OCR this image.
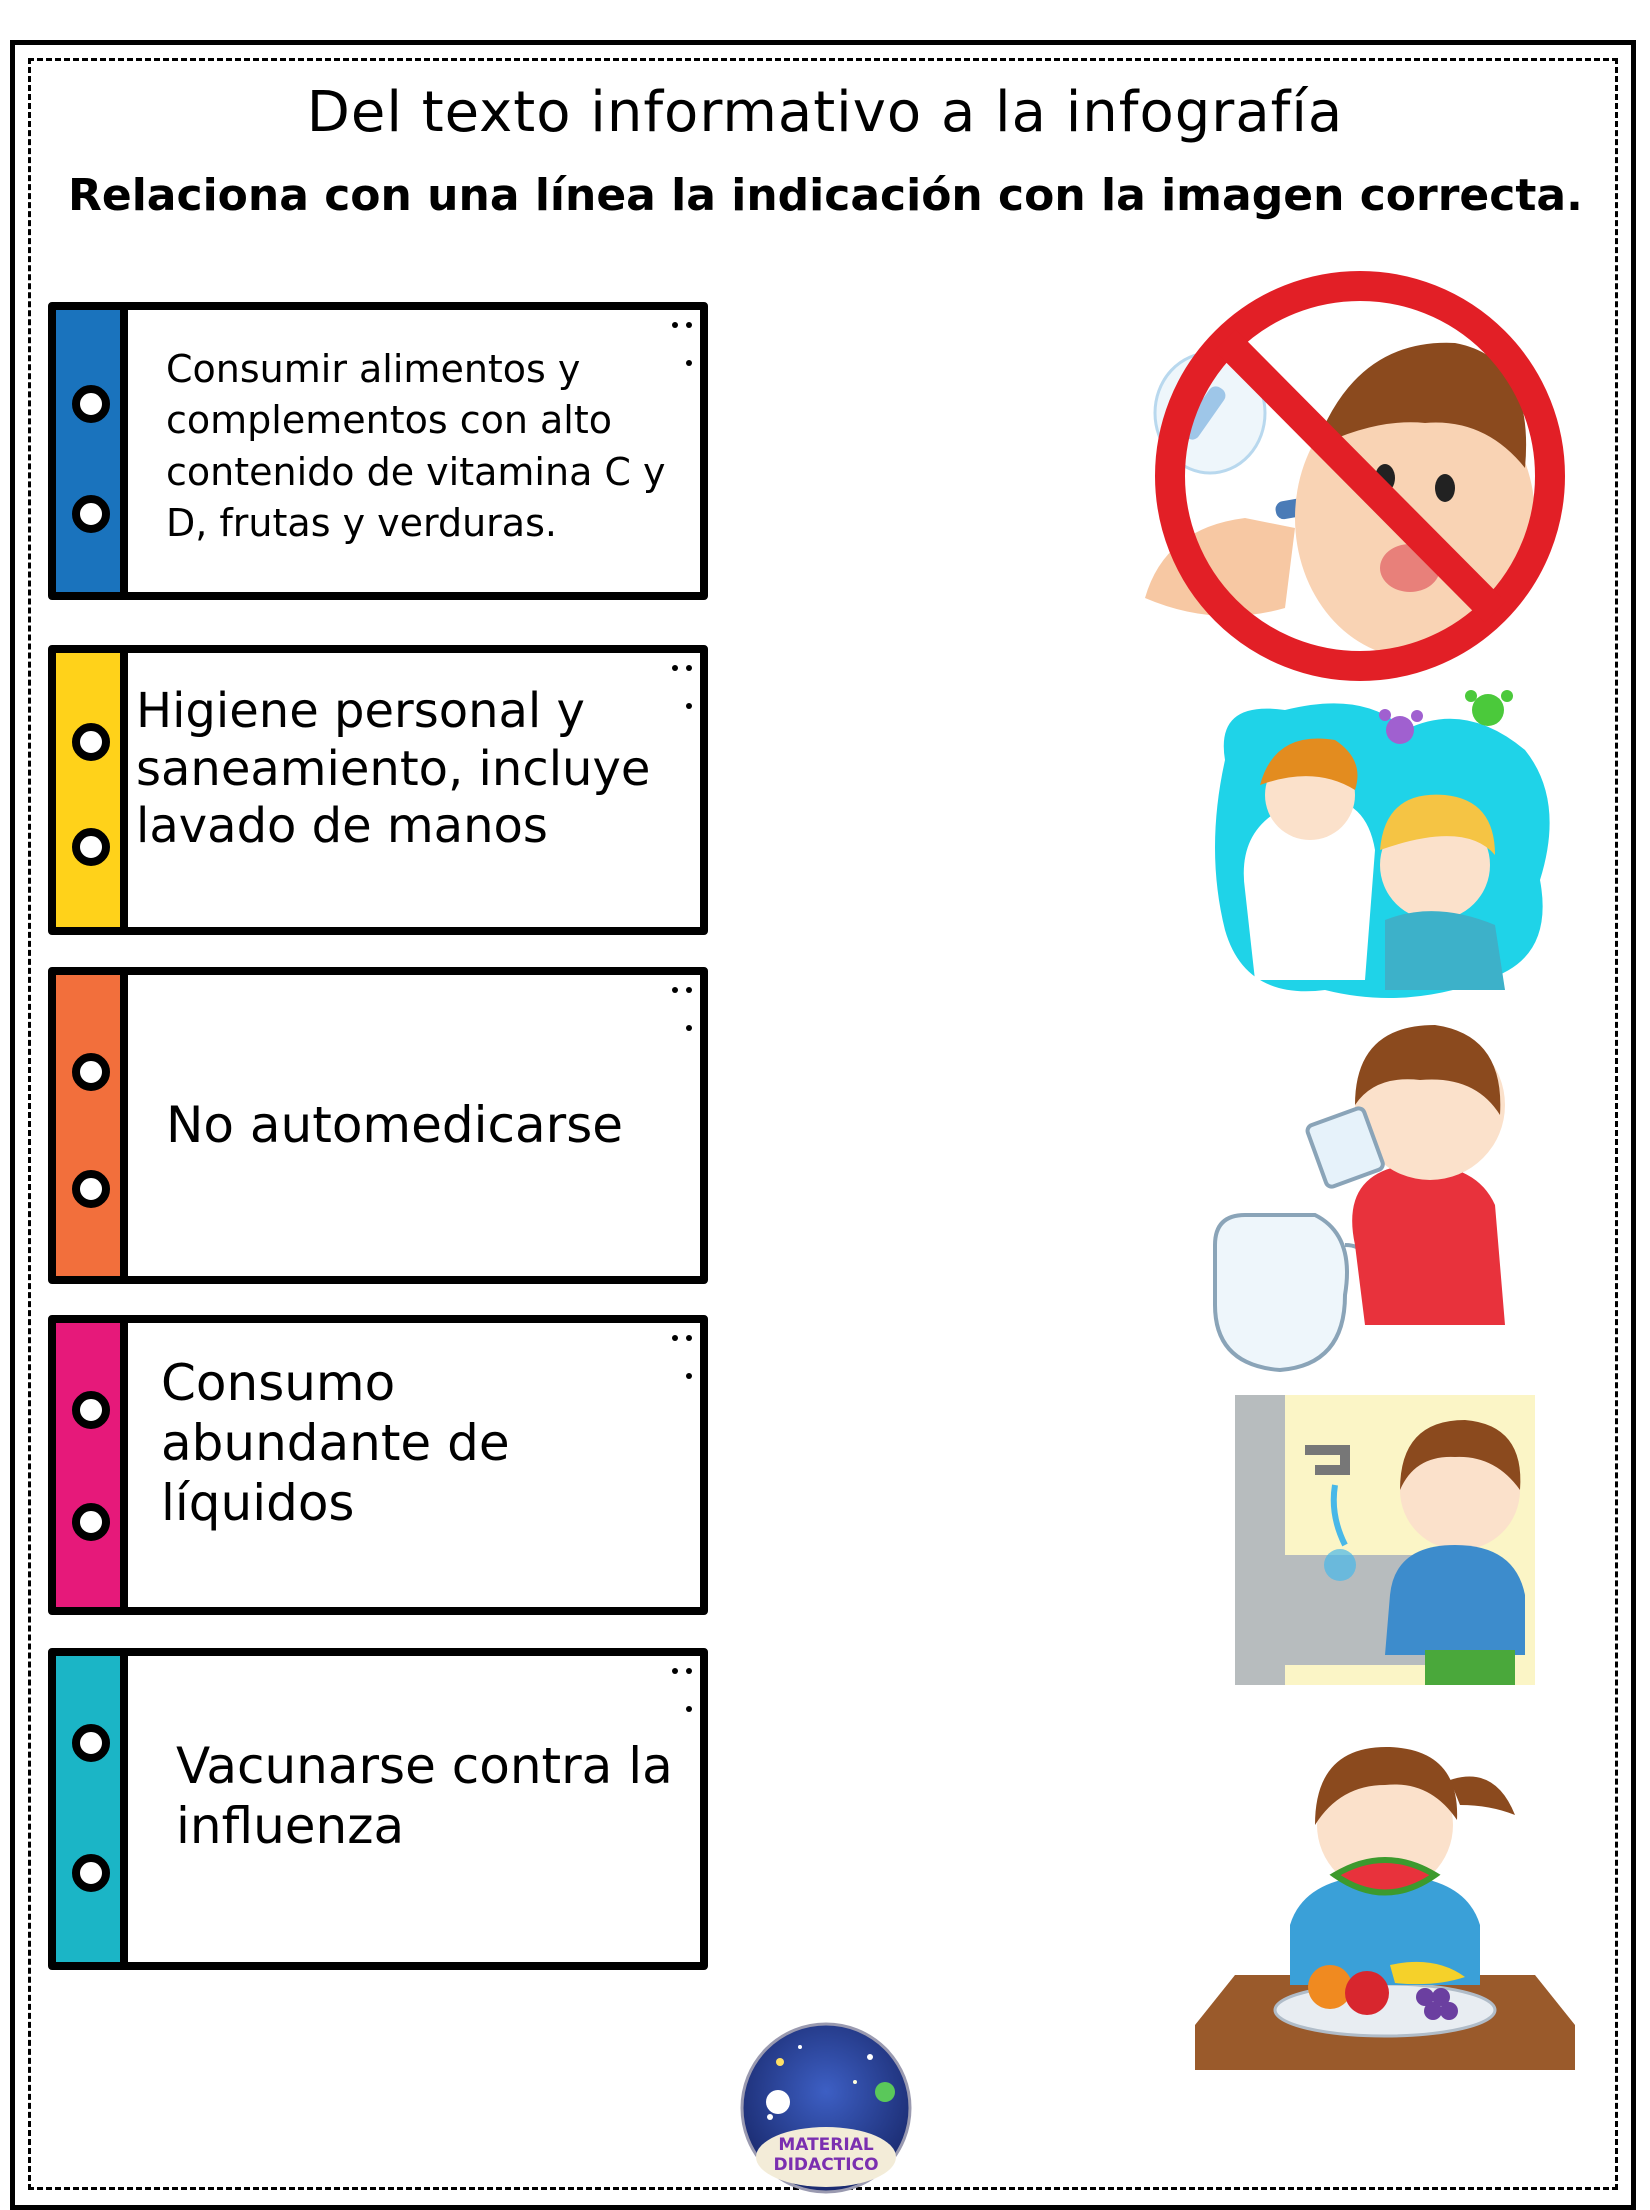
Del texto informativo a la infografía
Relaciona con una línea la indicación con la imagen correcta.
Consumir alimentos y complementos con alto contenido de vitamina C y D, frutas y verduras.
Higiene personal y saneamiento, incluye lavado de manos
No automedicarse
Consumo abundante de líquidos
Vacunarse contra la influenza
MATERIAL DIDACTICO
